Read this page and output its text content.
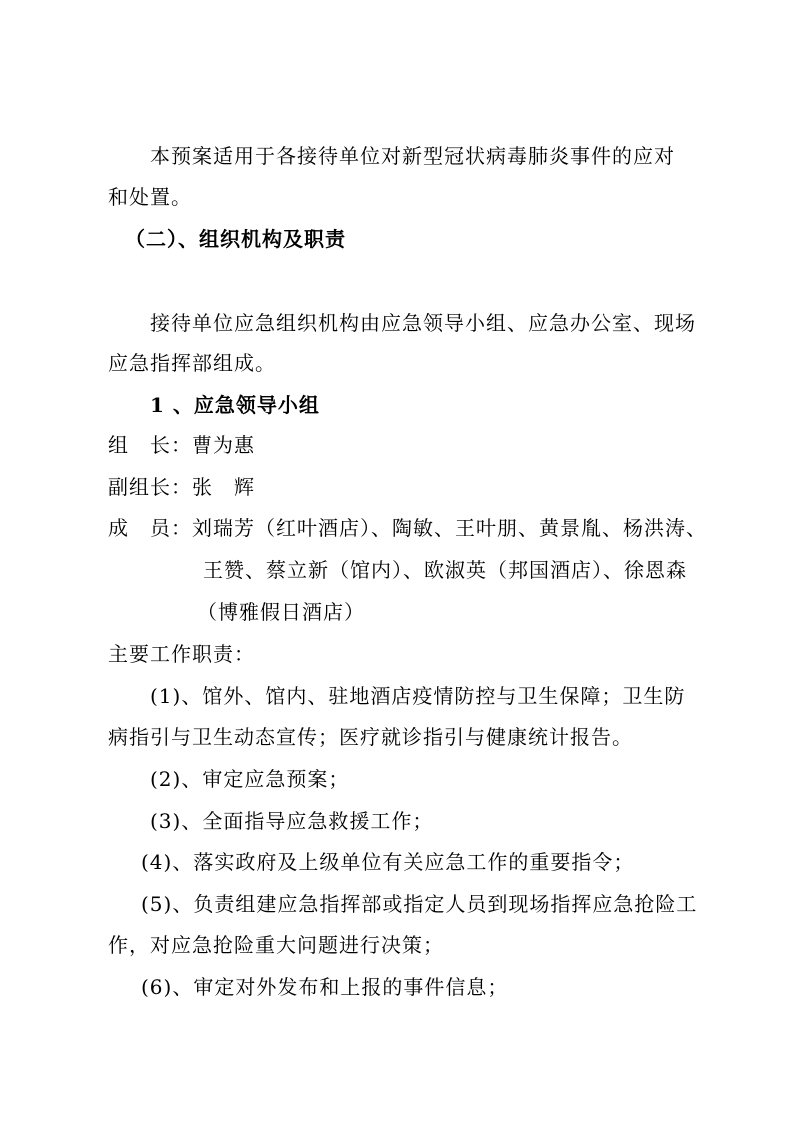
本预案适用于各接待单位对新型冠状病毒肺炎事件的应对
和处置。
（二）、组织机构及职责
接待单位应急组织机构由应急领导小组、应急办公室、现场
应急指挥部组成。
1 、应急领导小组
组　长：曹为惠
副组长：张　辉
成　员：刘瑞芳（红叶酒店）、陶敏、王叶朋、黄景胤、杨洪涛、
王赞、蔡立新（馆内）、欧淑英（邦国酒店）、徐恩森
（博雅假日酒店）
主要工作职责：
(1)、馆外、馆内、驻地酒店疫情防控与卫生保障；卫生防
病指引与卫生动态宣传；医疗就诊指引与健康统计报告。
(2)、审定应急预案；
(3)、全面指导应急救援工作；
(4)、落实政府及上级单位有关应急工作的重要指令；
(5)、负责组建应急指挥部或指定人员到现场指挥应急抢险工
作，对应急抢险重大问题进行决策；
(6)、审定对外发布和上报的事件信息；
